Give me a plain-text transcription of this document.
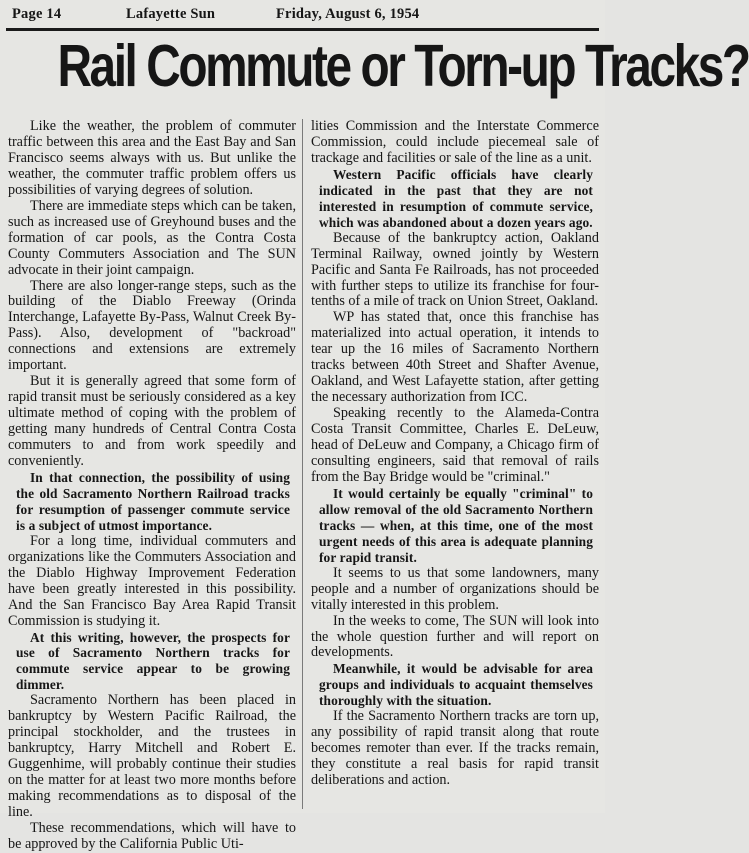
Page 14	Lafayette Sun	Friday, August 6, 1954
Rail Commute or Torn-up Tracks?

Like the weather, the problem of commuter traffic between this area and the East Bay and San Francisco seems always with us. But unlike the weather, the commuter traffic problem offers us possibilities of varying degrees of solution.

There are immediate steps which can be taken, such as increased use of Greyhound buses and the formation of car pools, as the Contra Costa County Commuters Association and The SUN advocate in their joint campaign.

There are also longer-range steps, such as the building of the Diablo Freeway (Orinda Interchange, Lafayette By-Pass, Walnut Creek By-Pass). Also, development of "backroad" connections and extensions are extremely important.

But it is generally agreed that some form of rapid transit must be seriously considered as a key ultimate method of coping with the problem of getting many hundreds of Central Contra Costa commuters to and from work speedily and conveniently.

In that connection, the possibility of using the old Sacramento Northern Railroad tracks for resumption of passenger commute service is a subject of utmost importance.

For a long time, individual commuters and organizations like the Commuters Association and the Diablo Highway Improvement Federation have been greatly interested in this possibility. And the San Francisco Bay Area Rapid Transit Commission is studying it.

At this writing, however, the prospects for use of Sacramento Northern tracks for commute service appear to be growing dimmer.

Sacramento Northern has been placed in bankruptcy by Western Pacific Railroad, the principal stockholder, and the trustees in bankruptcy, Harry Mitchell and Robert E. Guggenhime, will probably continue their studies on the matter for at least two more months before making recommendations as to disposal of the line.

These recommendations, which will have to be approved by the California Public Uti-

lities Commission and the Interstate Commerce Commission, could include piecemeal sale of trackage and facilities or sale of the line as a unit.

Western Pacific officials have clearly indicated in the past that they are not interested in resumption of commute service, which was abandoned about a dozen years ago.

Because of the bankruptcy action, Oakland Terminal Railway, owned jointly by Western Pacific and Santa Fe Railroads, has not proceeded with further steps to utilize its franchise for four-tenths of a mile of track on Union Street, Oakland.

WP has stated that, once this franchise has materialized into actual operation, it intends to tear up the 16 miles of Sacramento Northern tracks between 40th Street and Shafter Avenue, Oakland, and West Lafayette station, after getting the necessary authorization from ICC.

Speaking recently to the Alameda-Contra Costa Transit Committee, Charles E. DeLeuw, head of DeLeuw and Company, a Chicago firm of consulting engineers, said that removal of rails from the Bay Bridge would be "criminal."

It would certainly be equally "criminal" to allow removal of the old Sacramento Northern tracks — when, at this time, one of the most urgent needs of this area is adequate planning for rapid transit.

It seems to us that some landowners, many people and a number of organizations should be vitally interested in this problem.

In the weeks to come, The SUN will look into the whole question further and will report on developments.

Meanwhile, it would be advisable for area groups and individuals to acquaint themselves thoroughly with the situation.

If the Sacramento Northern tracks are torn up, any possibility of rapid transit along that route becomes remoter than ever. If the tracks remain, they constitute a real basis for rapid transit deliberations and action.
